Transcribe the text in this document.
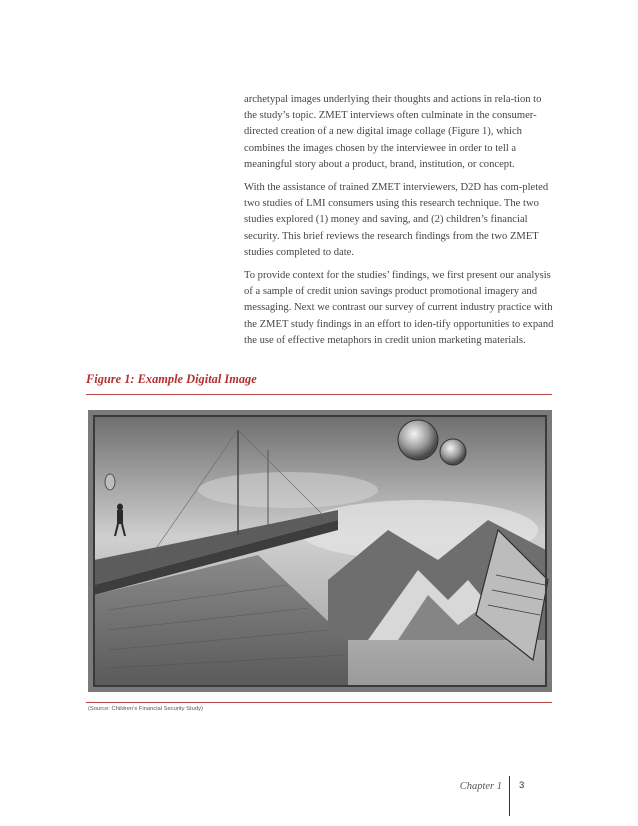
archetypal images underlying their thoughts and actions in rela-tion to the study’s topic. ZMET interviews often culminate in the consumer-directed creation of a new digital image collage (Figure 1), which combines the images chosen by the interviewee in order to tell a meaningful story about a product, brand, institution, or concept.

With the assistance of trained ZMET interviewers, D2D has com-pleted two studies of LMI consumers using this research technique. The two studies explored (1) money and saving, and (2) children’s financial security. This brief reviews the research findings from the two ZMET studies completed to date.

To provide context for the studies’ findings, we first present our analysis of a sample of credit union savings product promotional imagery and messaging. Next we contrast our survey of current industry practice with the ZMET study findings in an effort to iden-tify opportunities to expand the use of effective metaphors in credit union marketing materials.

Figure 1: Example Digital Image
(Source: Children’s Financial Security Study)
Chapter 1 3
